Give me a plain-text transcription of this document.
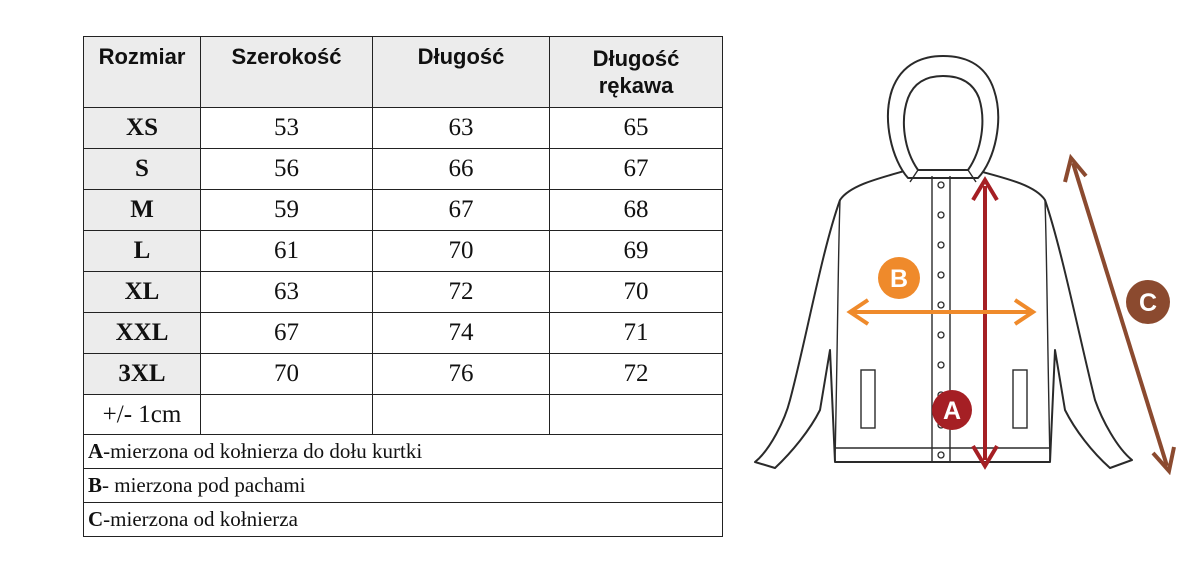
Rozmiar	Szerokość	Długość	Długość
rękawa
XS	53	63	65
S	56	66	67
M	59	67	68
L	61	70	69
XL	63	72	70
XXL	67	74	71
3XL	70	76	72
+/- 1cm			
A-mierzona od kołnierza do dołu kurtki			
B- mierzona pod pachami			
C-mierzona od kołnierza			
A
B
C
